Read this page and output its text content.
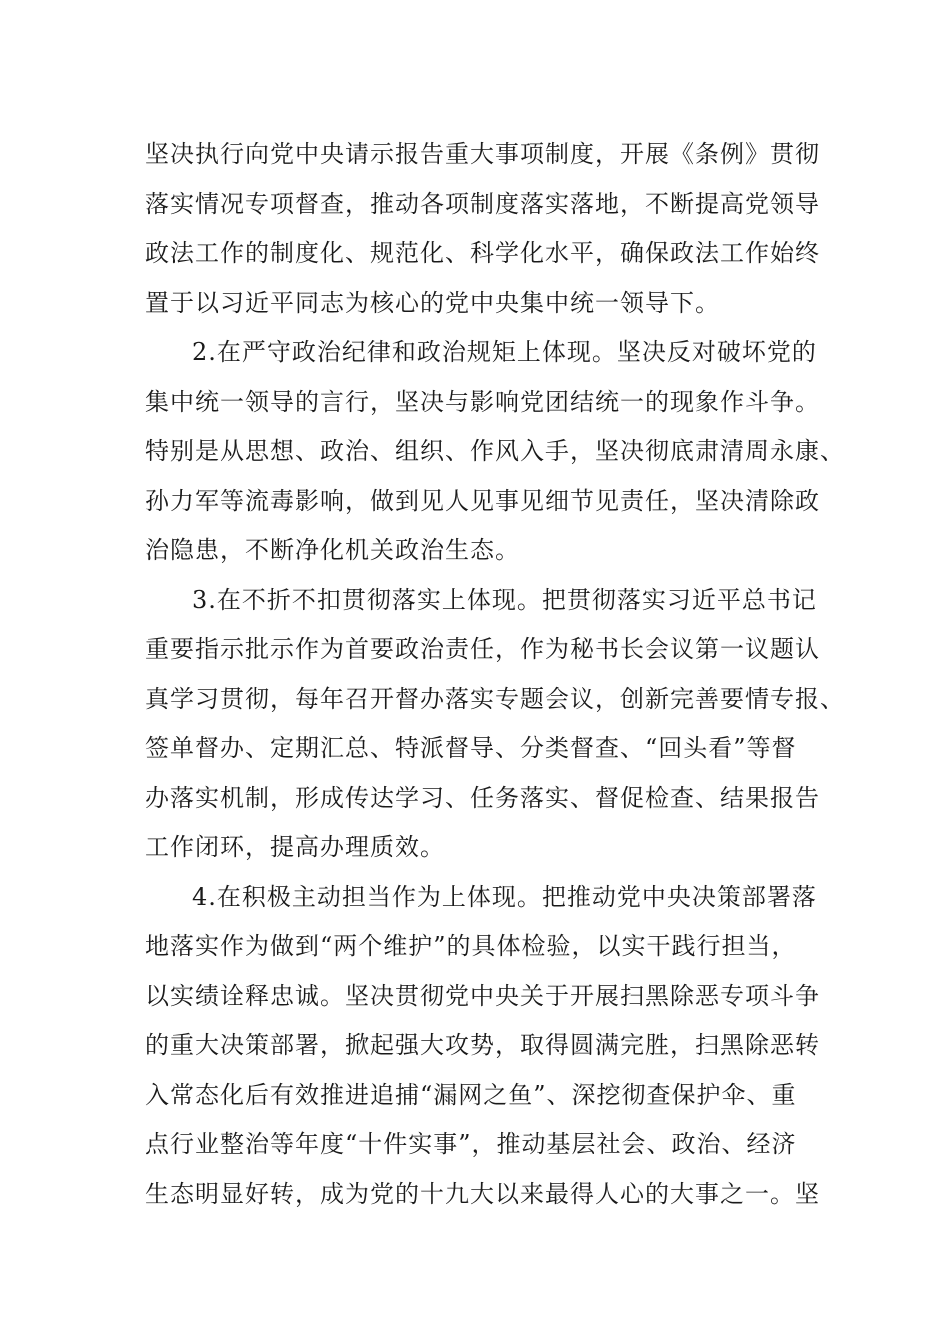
坚决执行向党中央请示报告重大事项制度，开展《条例》贯彻
落实情况专项督查，推动各项制度落实落地，不断提高党领导
政法工作的制度化、规范化、科学化水平，确保政法工作始终
置于以习近平同志为核心的党中央集中统一领导下。
2.在严守政治纪律和政治规矩上体现。坚决反对破坏党的
集中统一领导的言行，坚决与影响党团结统一的现象作斗争。
特别是从思想、政治、组织、作风入手，坚决彻底肃清周永康、
孙力军等流毒影响，做到见人见事见细节见责任，坚决清除政
治隐患，不断净化机关政治生态。
3.在不折不扣贯彻落实上体现。把贯彻落实习近平总书记
重要指示批示作为首要政治责任，作为秘书长会议第一议题认
真学习贯彻，每年召开督办落实专题会议，创新完善要情专报、
签单督办、定期汇总、特派督导、分类督查、“回头看”等督
办落实机制，形成传达学习、任务落实、督促检查、结果报告
工作闭环，提高办理质效。
4.在积极主动担当作为上体现。把推动党中央决策部署落
地落实作为做到“两个维护”的具体检验，以实干践行担当，
以实绩诠释忠诚。坚决贯彻党中央关于开展扫黑除恶专项斗争
的重大决策部署，掀起强大攻势，取得圆满完胜，扫黑除恶转
入常态化后有效推进追捕“漏网之鱼”、深挖彻查保护伞、重
点行业整治等年度“十件实事”，推动基层社会、政治、经济
生态明显好转，成为党的十九大以来最得人心的大事之一。坚
